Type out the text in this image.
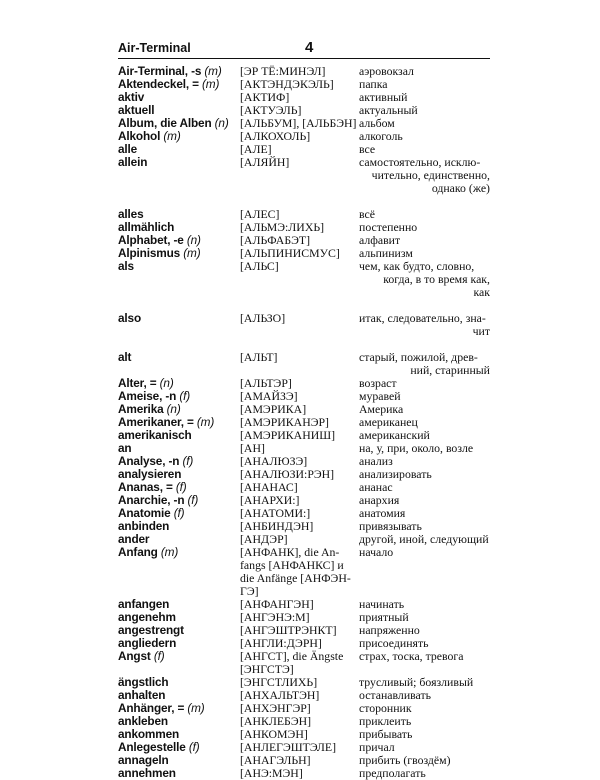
Air-Terminal	4
Air-Terminal, -s (m)	[ЭР ТЁ:МИНЭЛ]	аэровокзал
Aktendeckel, = (m)	[АКТЭНДЭКЭЛЬ]	папка
aktiv	[АКТИФ]	активный
aktuell	[АКТУЭЛЬ]	актуальный
Album, die Alben (n) [АЛЬБУМ], [АЛЬБЭН] альбом
Alkohol (m)	[АЛКОХОЛЬ]	алкоголь
alle	[АЛЕ]	все
allein	[АЛЯЙН]	самостоятельно, исклю-
чительно, единственно,
однако (же)
alles	[АЛЕС]	всё
allmählich	[АЛЬМЭ:ЛИХЬ]	постепенно
Alphabet, -e (n)	[АЛЬФАБЭТ]	алфавит
Alpinismus (m)	[АЛЬПИНИСМУС]	альпинизм
als	[АЛЬС]	чем, как будто, словно,
когда, в то время как,
как
also	[АЛЬЗО]	итак, следовательно, зна-
чит
alt	[АЛЬТ]	старый, пожилой, древ-
ний, старинный
Alter, = (n)	[АЛЬТЭР]	возраст
Ameise, -n (f)	[АМАЙЗЭ]	муравей
Amerika (n)	[АМЭРИКА]	Америка
Amerikaner, = (m)	[АМЭРИКАНЭР]	американец
amerikanisch	[АМЭРИКАНИШ]	американский
an	[АН]	на, у, при, около, возле
Analyse, -n (f)	[АНАЛЮЗЭ]	анализ
analysieren	[АНАЛЮЗИ:РЭН]	анализировать
Ananas, = (f)	[АНАНАС]	ананас
Anarchie, -n (f)	[АНАРХИ:]	анархия
Anatomie (f)	[АНАТОМИ:]	анатомия
anbinden	[АНБИНДЭН]	привязывать
ander	[АНДЭР]	другой, иной, следующий
Anfang (m)	[АНФАНК], die An-
fangs [АНФАНКС] и
die Anfänge [АНФЭН-
ГЭ]
начало
anfangen	[АНФАНГЭН]	начинать
angenehm	[АНГЭНЭ:М]	приятный
angestrengt	[АНГЭШТРЭНКТ]	напряженно
angliedern	[АНГЛИ:ДЭРН]	присоединять
Angst (f)	[АНГСТ], die Ängste
[ЭНГСТЭ]
страх, тоска, тревога
ängstlich	[ЭНГСТЛИХЬ]	трусливый; боязливый
anhalten	[АНХАЛЬТЭН]	останавливать
Anhänger, = (m)	[АНХЭНГЭР]	сторонник
ankleben	[АНКЛЕБЭН]	приклеить
ankommen	[АНКОМЭН]	прибывать
Anlegestelle (f)	[АНЛЕГЭШТЭЛЕ]	причал
annageln	[АНАГЭЛЬН]	прибить (гвоздём)
annehmen	[АНЭ:МЭН]	предполагать
